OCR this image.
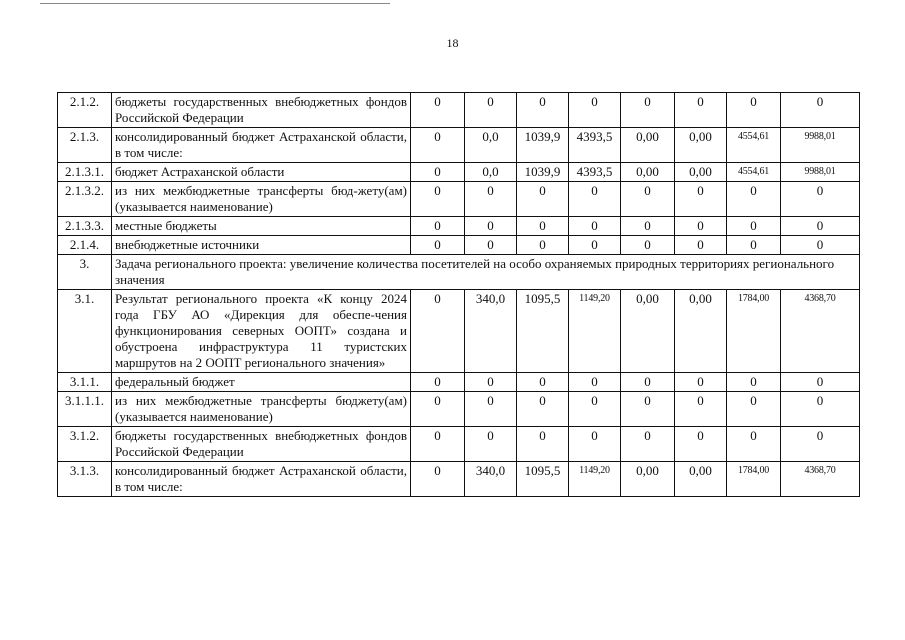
18
2.1.2.	бюджеты государственных внебюджетных фондов Российской Федерации	0	0	0	0	0	0	0	0
2.1.3.	консолидированный бюджет Астраханской области, в том числе:	0	0,0	1039,9	4393,5	0,00	0,00	4554,61	9988,01
2.1.3.1.	бюджет Астраханской области	0	0,0	1039,9	4393,5	0,00	0,00	4554,61	9988,01
2.1.3.2.	из них межбюджетные трансферты бюд-жету(ам) (указывается наименование)	0	0	0	0	0	0	0	0
2.1.3.3.	местные бюджеты	0	0	0	0	0	0	0	0
2.1.4.	внебюджетные источники	0	0	0	0	0	0	0	0
3.	Задача регионального проекта: увеличение количества посетителей на особо охраняемых природных территориях регионального значения								
3.1.	Результат регионального проекта «К концу 2024 года ГБУ АО «Дирекция для обеспе-чения функционирования северных ООПТ» создана и обустроена инфраструктура 11 туристских маршрутов на 2 ООПТ регионального значения»	0	340,0	1095,5	1149,20	0,00	0,00	1784,00	4368,70
3.1.1.	федеральный бюджет	0	0	0	0	0	0	0	0
3.1.1.1.	из них межбюджетные трансферты бюджету(ам) (указывается наименование)	0	0	0	0	0	0	0	0
3.1.2.	бюджеты государственных внебюджетных фондов Российской Федерации	0	0	0	0	0	0	0	0
3.1.3.	консолидированный бюджет Астраханской области, в том числе:	0	340,0	1095,5	1149,20	0,00	0,00	1784,00	4368,70
